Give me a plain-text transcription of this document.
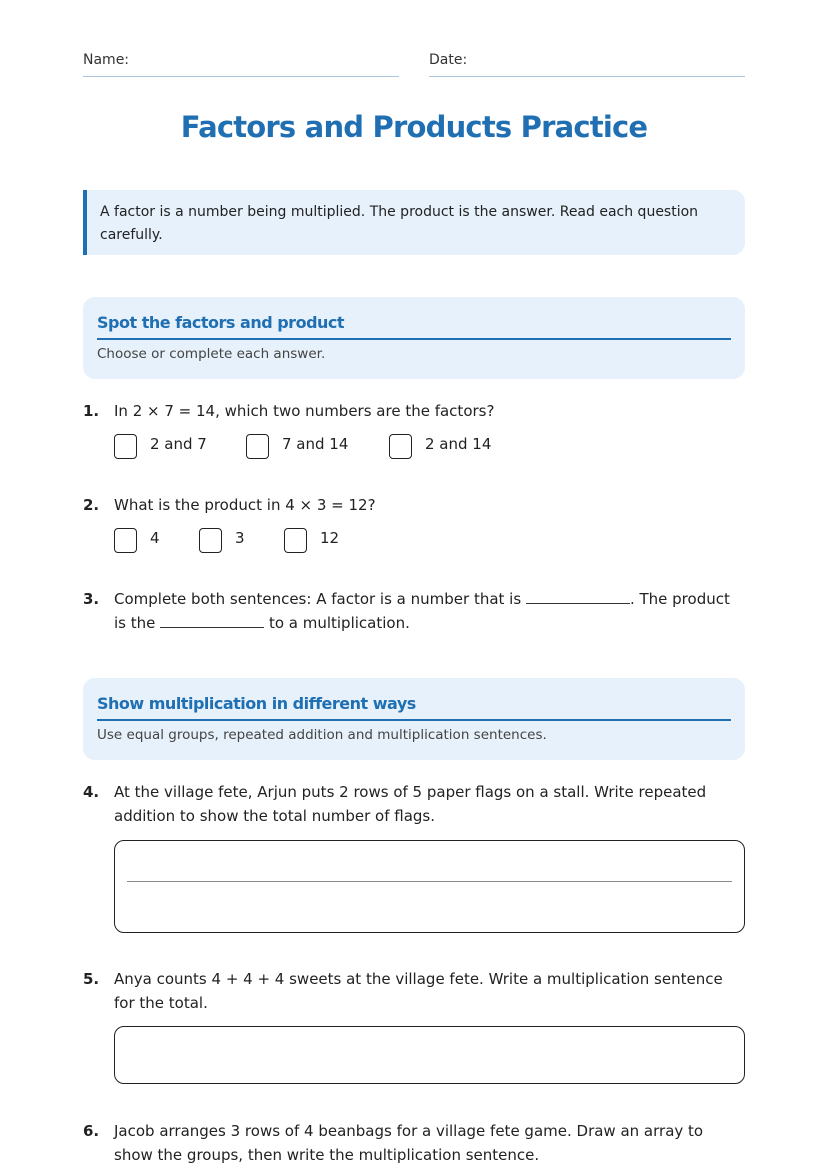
Name:	Date:
Factors and Products Practice
A factor is a number being multiplied. The product is the answer. Read each question carefully.
Spot the factors and product
Choose or complete each answer.
1. In 2 × 7 = 14, which two numbers are the factors?
2 and 7	7 and 14	2 and 14
2. What is the product in 4 × 3 = 12?
4	3	12
3. Complete both sentences: A factor is a number that is	. The product
is the	to a multiplication.
Show multiplication in different ways
Use equal groups, repeated addition and multiplication sentences.
4. At the village fete, Arjun puts 2 rows of 5 paper flags on a stall. Write repeated addition to show the total number of flags.
5. Anya counts 4 + 4 + 4 sweets at the village fete. Write a multiplication sentence for the total.
6. Jacob arranges 3 rows of 4 beanbags for a village fete game. Draw an array to show the groups, then write the multiplication sentence.
